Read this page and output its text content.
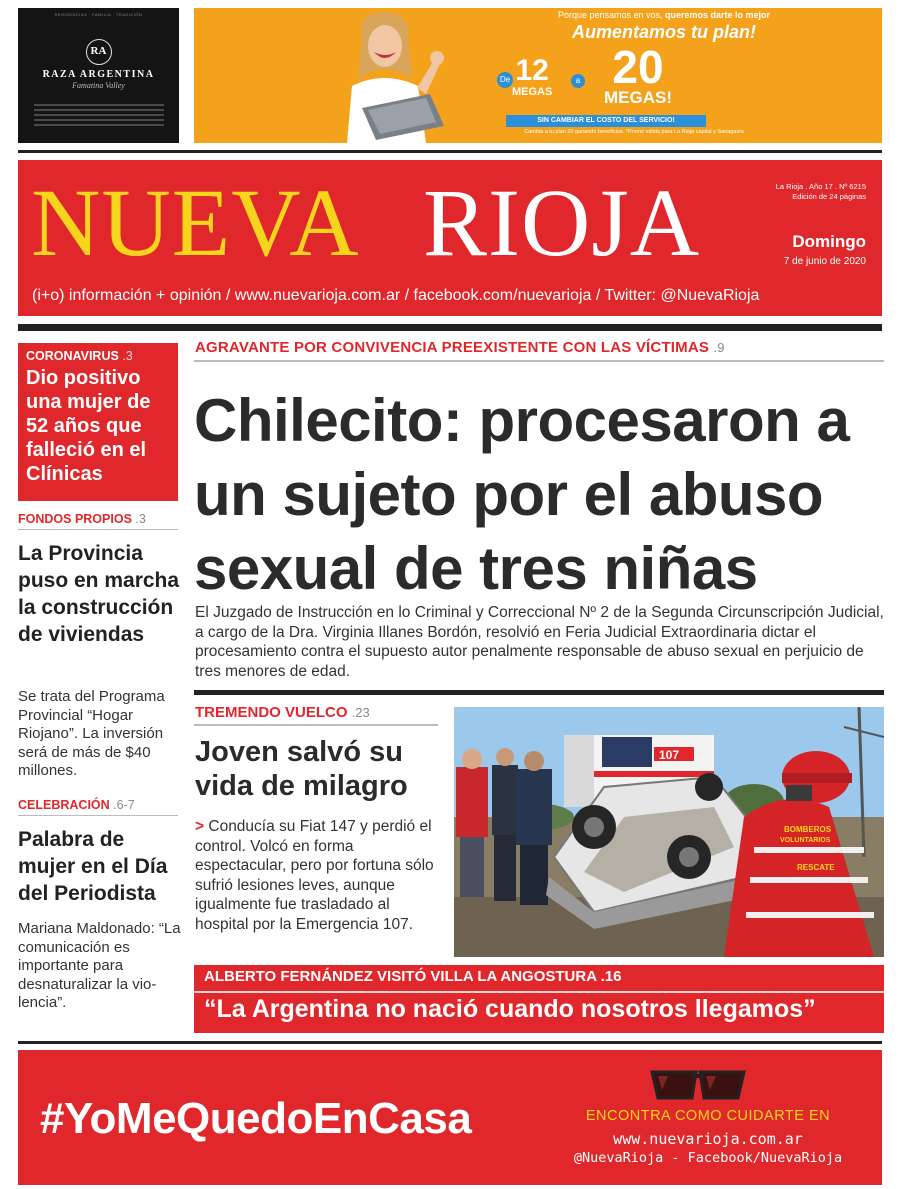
RESIDENCIAS · FAMILIA · TRADICIÓN
RA
RAZA ARGENTINA
Famatina Valley
Porque pensamos en vos, queremos darte lo mejor
Aumentamos tu plan!
De 12
MEGAS
a 20
MEGAS!
SIN CAMBIAR EL COSTO DEL SERVICIO!
Cambia a tu plan 20 ganando beneficios. *Promo válida para La Rioja capital y Sanagasta
NUEVA RIOJA	La Rioja . Año 17 . Nº 6215
Edición de 24 páginas
Domingo
7 de junio de 2020
(i+o) información + opinión / www.nuevarioja.com.ar / facebook.com/nuevarioja / Twitter: @NuevaRioja
CORONAVIRUS .3
Dio positivo una mujer de 52 años que falleció en el Clínicas
FONDOS PROPIOS .3
La Provincia puso en marcha la construcción de viviendas
Se trata del Programa Provincial “Hogar Riojano”. La inversión será de más de $40 millones.
CELEBRACIÓN .6-7
Palabra de mujer en el Día del Periodista
Mariana Maldonado: “La comunicación es importante para desnaturalizar la vio-lencia”.
AGRAVANTE POR CONVIVENCIA PREEXISTENTE CON LAS VÍCTIMAS .9
Chilecito: procesaron a un sujeto por el abuso sexual de tres niñas
El Juzgado de Instrucción en lo Criminal y Correccional Nº 2 de la Segunda Circunscripción Judicial, a cargo de la Dra. Virginia Illanes Bordón, resolvió en Feria Judicial Extraordinaria dictar el procesamiento contra el supuesto autor penalmente responsable de abuso sexual en perjuicio de tres menores de edad.
TREMENDO VUELCO .23
Joven salvó su vida de milagro
> Conducía su Fiat 147 y perdió el control. Volcó en forma espectacular, pero por fortuna sólo sufrió lesiones leves, aunque igualmente fue trasladado al hospital por la Emergencia 107.
107
BOMBEROS
VOLUNTARIOS
RESCATE
ALBERTO FERNÁNDEZ VISITÓ VILLA LA ANGOSTURA .16
“La Argentina no nació cuando nosotros llegamos”
#YoMeQuedoEnCasa	ENCONTRA COMO CUIDARTE EN
www.nuevarioja.com.ar
@NuevaRioja - Facebook/NuevaRioja
